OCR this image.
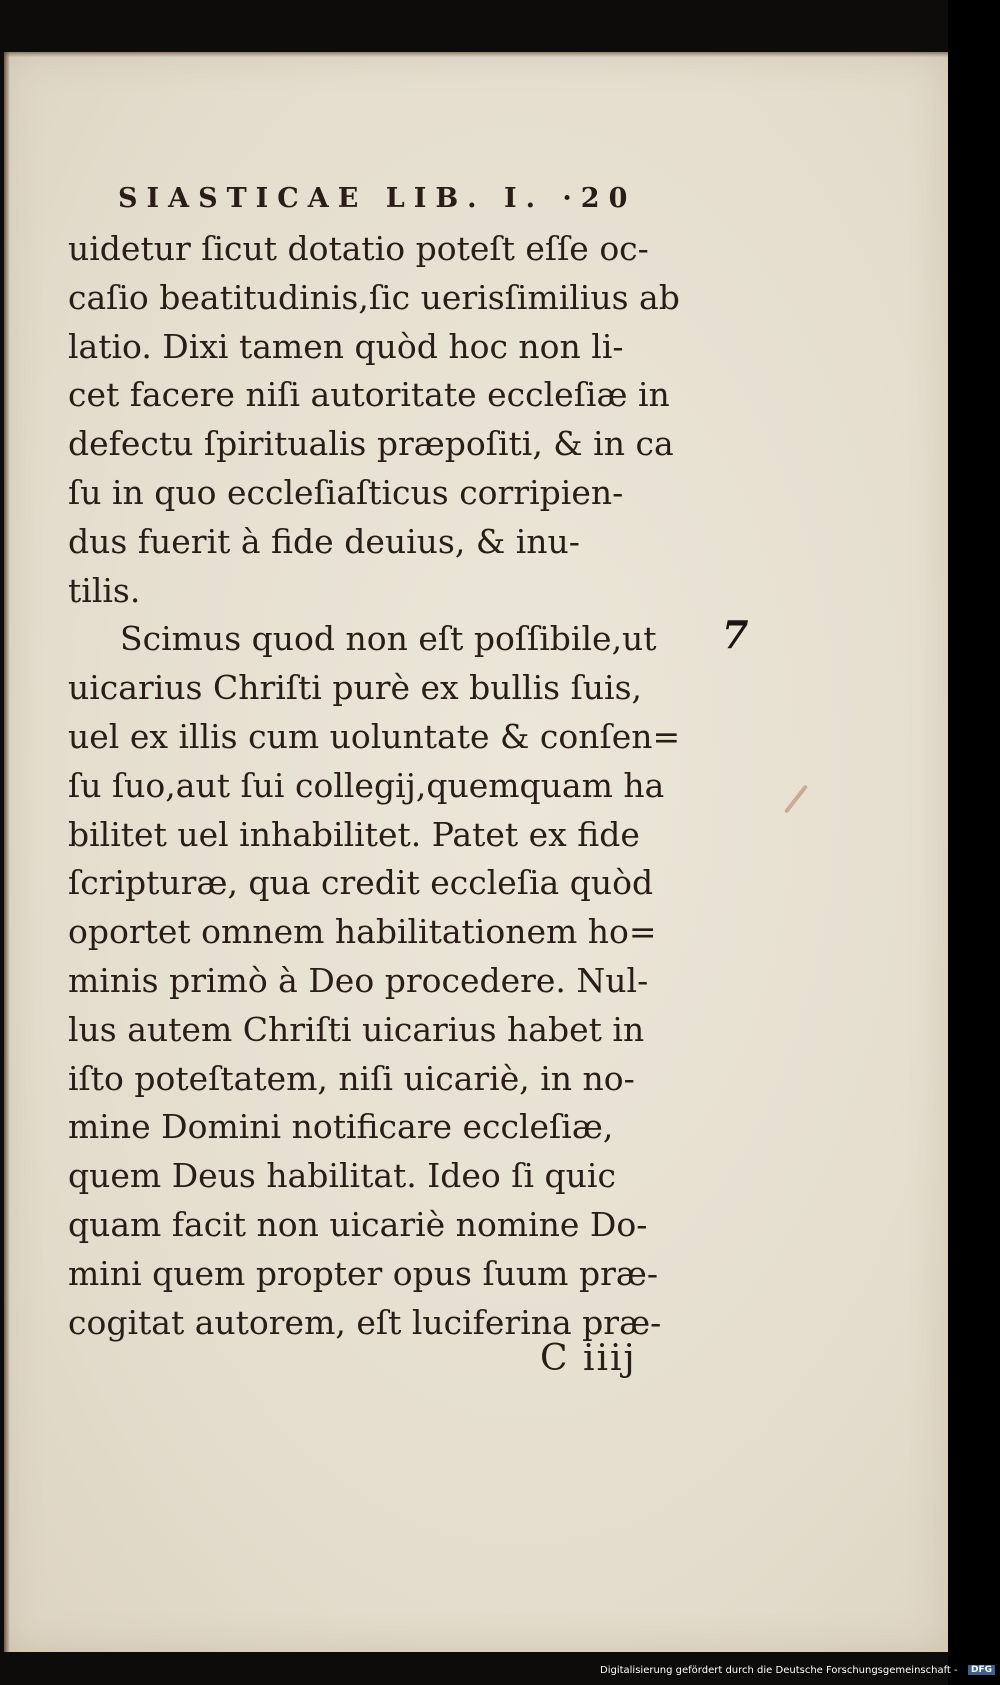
SIASTICAE LIB. I. ·20
uidetur ſicut dotatio poteſt eſſe oc-
caſio beatitudinis,ſic uerisſimilius ab
latio. Dixi tamen quòd hoc non li-
cet facere niſi autoritate eccleſiæ in
defectu ſpiritualis præpoſiti, & in ca
ſu in quo eccleſiaſticus corripien-
dus fuerit à fide deuius, & inu-
tilis.
Scimus quod non eſt poſſibile,ut
uicarius Chriſti purè ex bullis ſuis,
uel ex illis cum uoluntate & conſen=
ſu ſuo,aut ſui collegij,quemquam ha
bilitet uel inhabilitet. Patet ex fide
ſcripturæ, qua credit eccleſia quòd
oportet omnem habilitationem ho=
minis primò à Deo procedere. Nul-
lus autem Chriſti uicarius habet in
iſto poteſtatem, niſi uicariè, in no-
mine Domini notificare eccleſiæ,
quem Deus habilitat. Ideo ſi quic
quam facit non uicariè nomine Do-
mini quem propter opus ſuum præ-
cogitat autorem, eſt luciferina præ-
7
C iiij
Digitalisierung gefördert durch die Deutsche Forschungsgemeinschaft -	DFG
